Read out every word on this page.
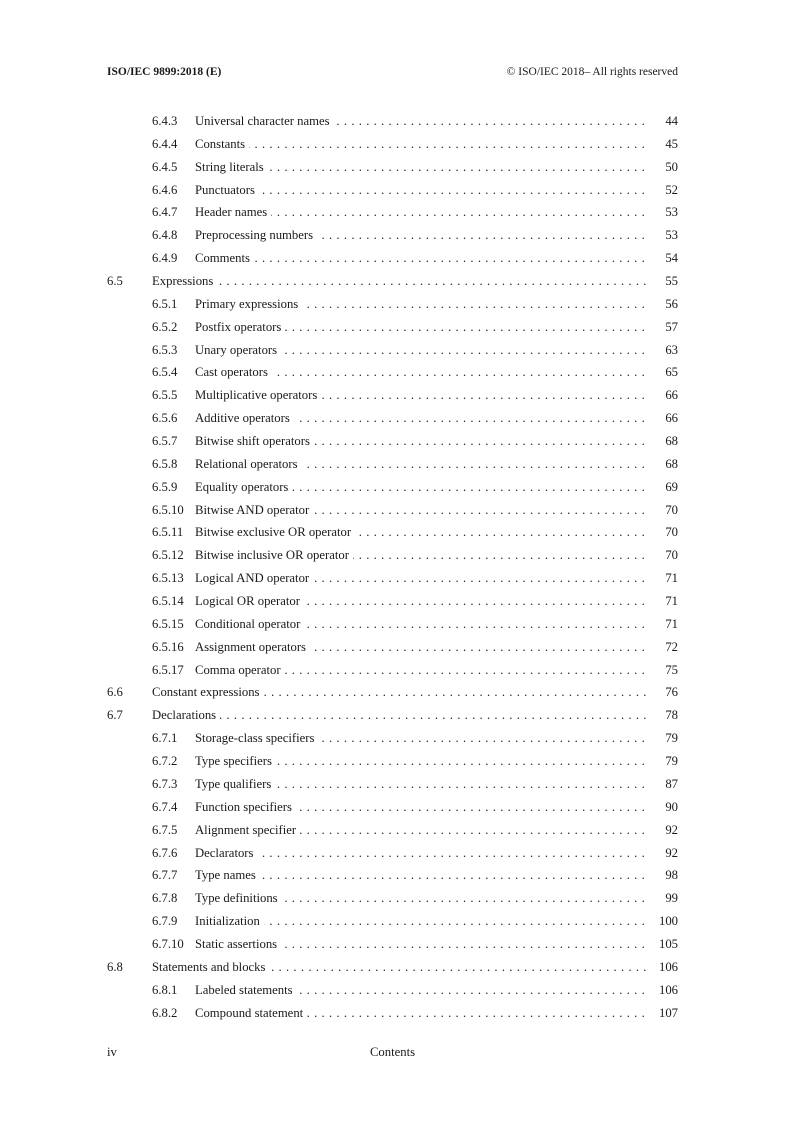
ISO/IEC 9899:2018 (E)	© ISO/IEC 2018– All rights reserved
6.4.3 Universal character names . . .	44
6.4.4 Constants . . .	45
6.4.5 String literals . . .	50
6.4.6 Punctuators . . .	52
6.4.7 Header names . . .	53
6.4.8 Preprocessing numbers . . .	53
6.4.9 Comments . . .	54
6.5 Expressions . . .	55
6.5.1 Primary expressions . . .	56
6.5.2 Postfix operators . . .	57
6.5.3 Unary operators . . .	63
6.5.4 Cast operators . . .	65
6.5.5 Multiplicative operators . . .	66
6.5.6 Additive operators . . .	66
6.5.7 Bitwise shift operators . . .	68
6.5.8 Relational operators . . .	68
6.5.9 Equality operators . . .	69
6.5.10 Bitwise AND operator . . .	70
6.5.11 Bitwise exclusive OR operator . . .	70
6.5.12 Bitwise inclusive OR operator . . .	70
6.5.13 Logical AND operator . . .	71
6.5.14 Logical OR operator . . .	71
6.5.15 Conditional operator . . .	71
6.5.16 Assignment operators . . .	72
6.5.17 Comma operator . . .	75
6.6 Constant expressions . . .	76
6.7 Declarations . . .	78
6.7.1 Storage-class specifiers . . .	79
6.7.2 Type specifiers . . .	79
6.7.3 Type qualifiers . . .	87
6.7.4 Function specifiers . . .	90
6.7.5 Alignment specifier . . .	92
6.7.6 Declarators . . .	92
6.7.7 Type names . . .	98
6.7.8 Type definitions . . .	99
6.7.9 Initialization . . .	100
6.7.10 Static assertions . . .	105
6.8 Statements and blocks . . .	106
6.8.1 Labeled statements . . .	106
6.8.2 Compound statement . . .	107
iv	Contents
